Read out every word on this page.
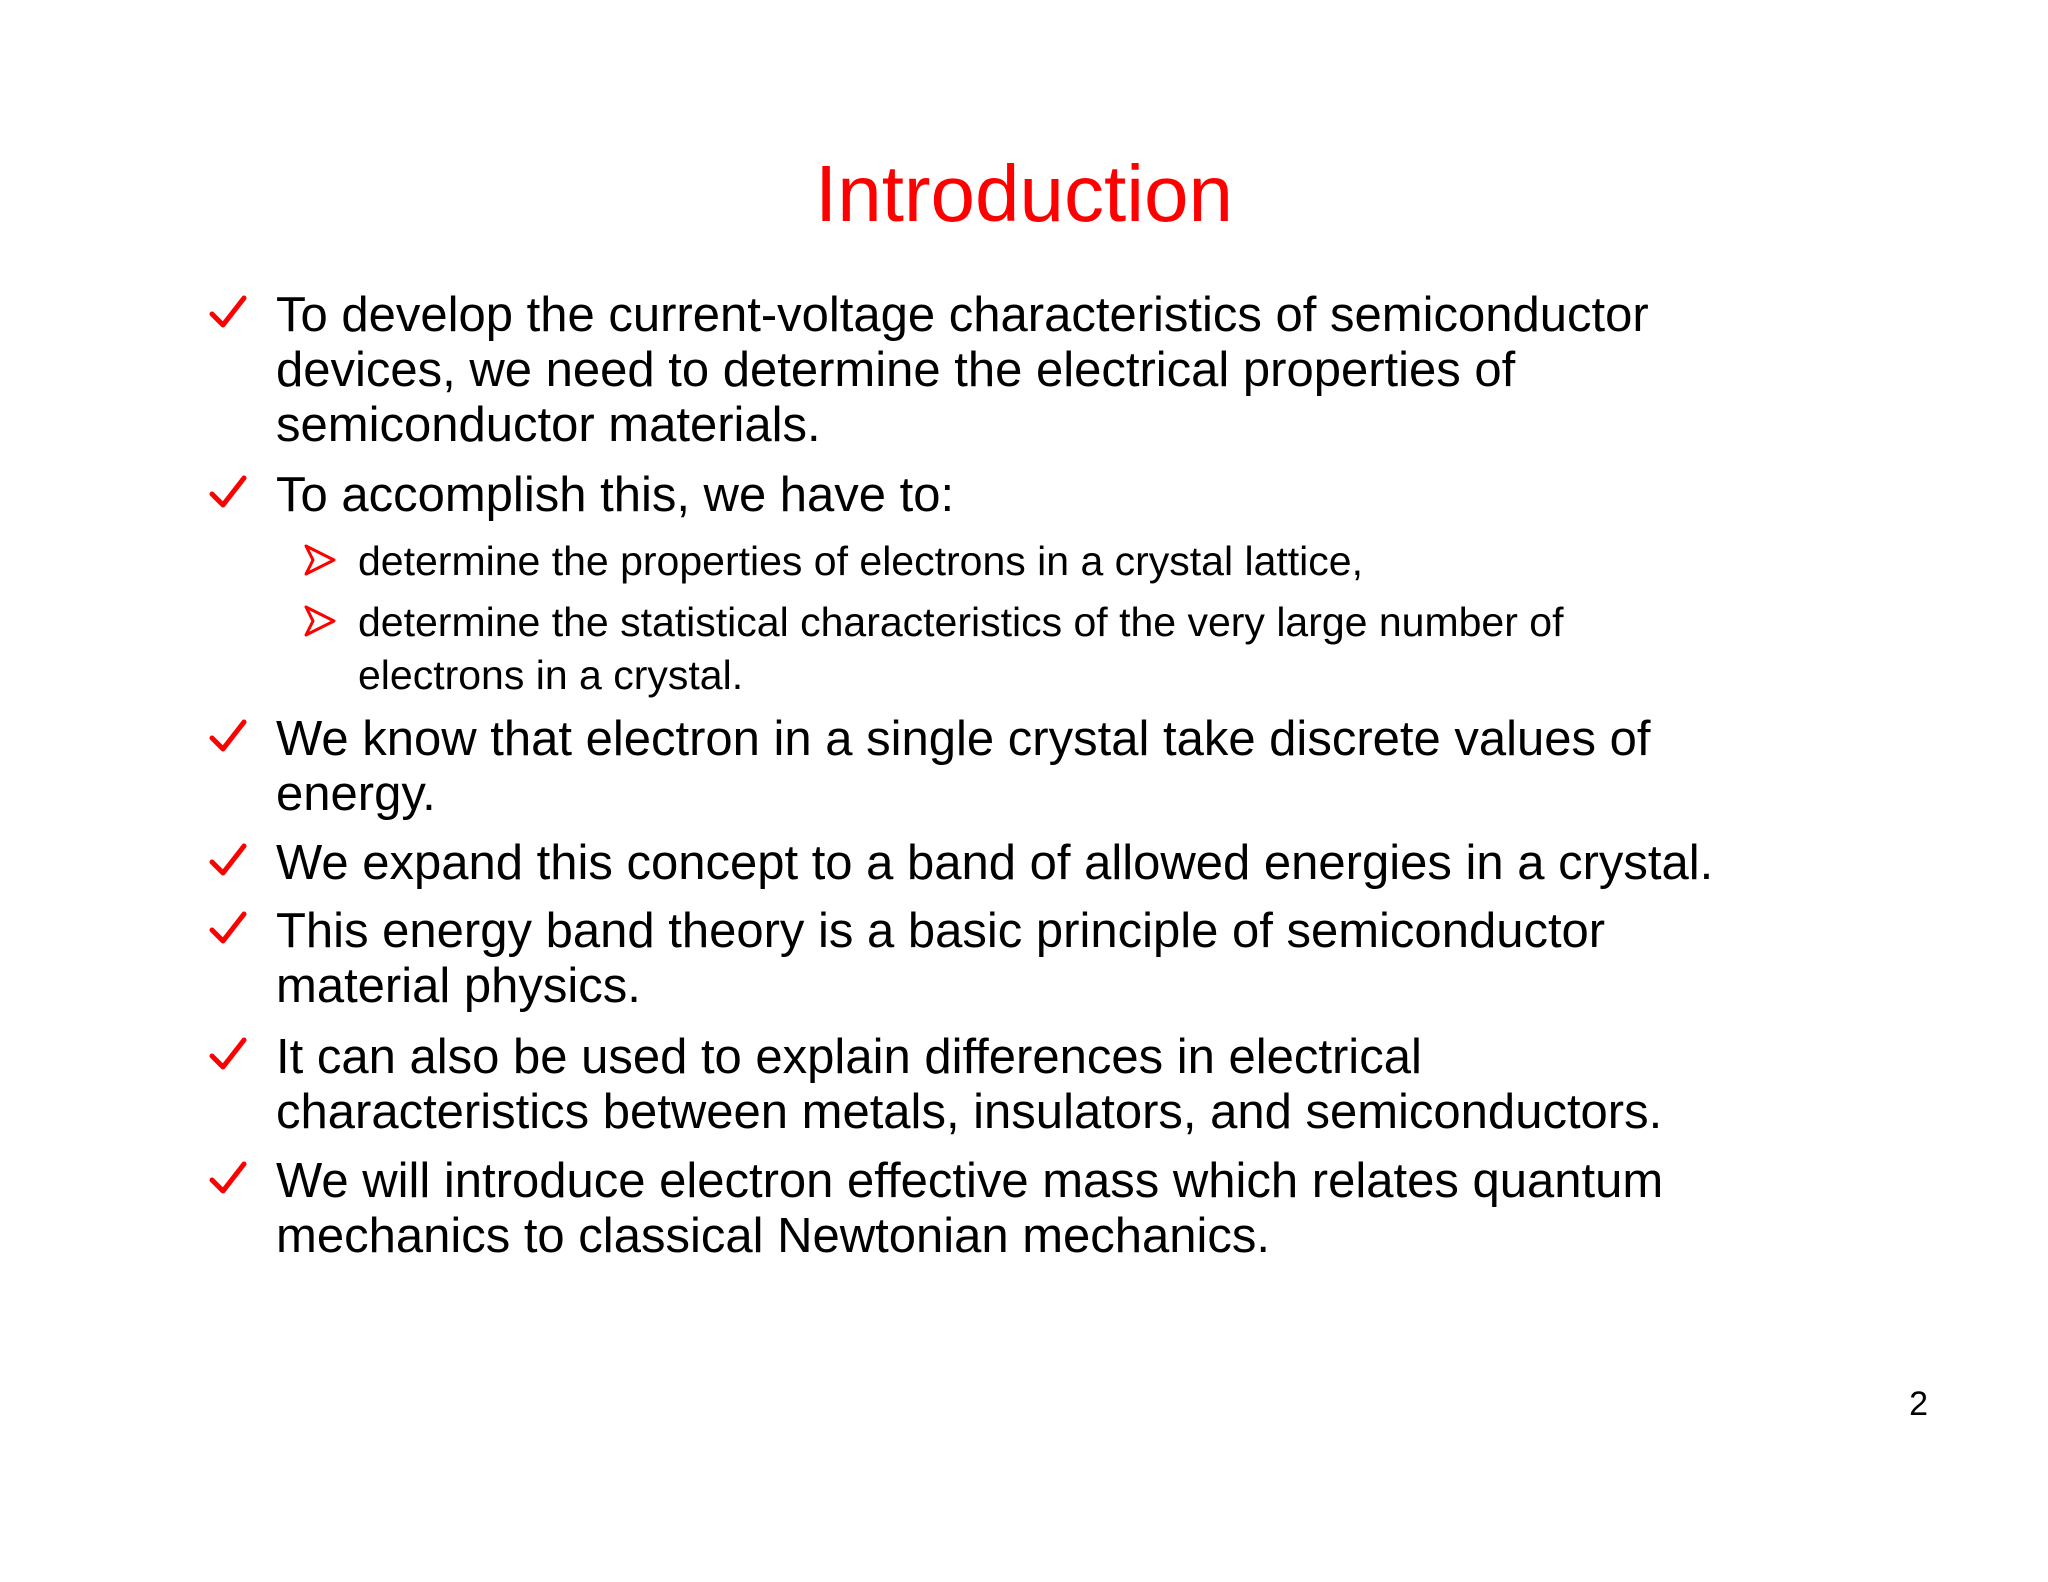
Introduction
To develop the current-voltage characteristics of semiconductor
devices, we need to determine the electrical properties of
semiconductor materials.
To accomplish this, we have to:
determine the properties of electrons in a crystal lattice,
determine the statistical characteristics of the very large number of
electrons in a crystal.
We know that electron in a single crystal take discrete values of
energy.
We expand this concept to a band of allowed energies in a crystal.
This energy band theory is a basic principle of semiconductor
material physics.
It can also be used to explain differences in electrical
characteristics between metals, insulators, and semiconductors.
We will introduce electron effective mass which relates quantum
mechanics to classical Newtonian mechanics.
2
